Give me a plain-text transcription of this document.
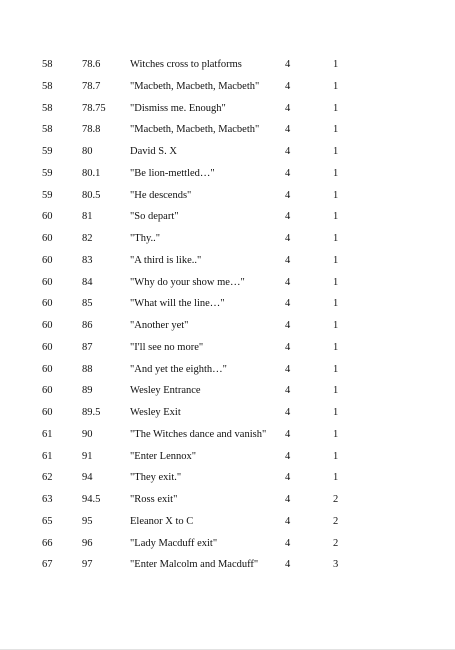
58	78.6	Witches cross to platforms	4	1
58	78.7	"Macbeth, Macbeth, Macbeth" 4	1
58	78.75 "Dismiss me. Enough"	4	1
58	78.8	"Macbeth, Macbeth, Macbeth" 4	1
59	80	David S. X	4	1
59	80.1	"Be lion-mettled…"	4	1
59	80.5	"He descends"	4	1
60	81	"So depart"	4	1
60	82	"Thy.."	4	1
60	83	"A third is like.."	4	1
60	84	"Why do your show me…"	4	1
60	85	"What will the line…"	4	1
60	86	"Another yet"	4	1
60	87	"I'll see no more"	4	1
60	88	"And yet the eighth…"	4	1
60	89	Wesley Entrance	4	1
60	89.5	Wesley Exit	4	1
61	90	"The Witches dance and vanish" 4	1
61	91	"Enter Lennox"	4	1
62	94	"They exit."	4	1
63	94.5	"Ross exit"	4	2
65	95	Eleanor X to C	4	2
66	96	"Lady Macduff exit"	4	2
67	97	"Enter Malcolm and Macduff"	4	3
